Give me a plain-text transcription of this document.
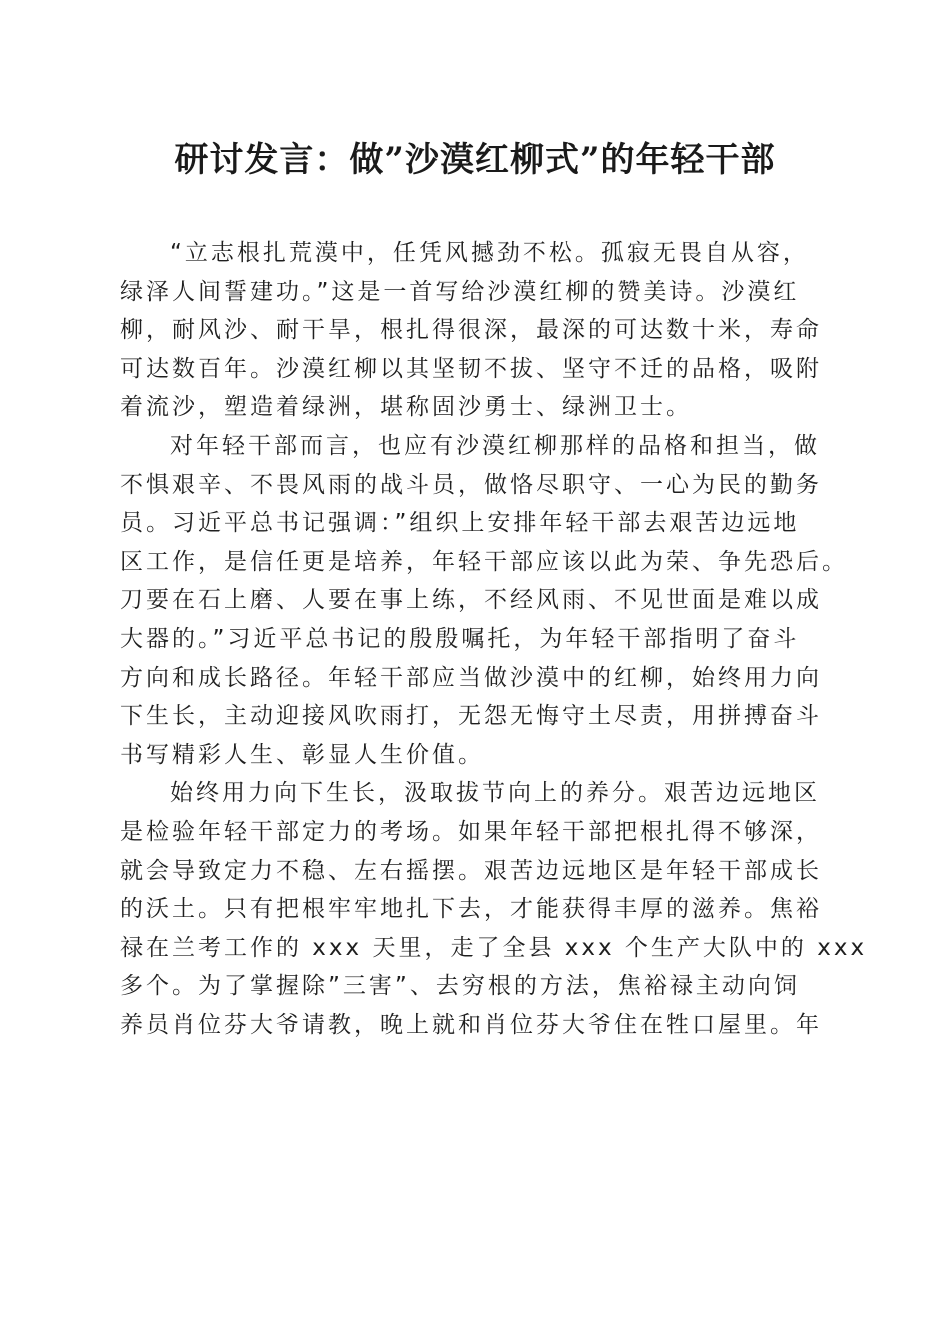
研讨发言：做”沙漠红柳式”的年轻干部
“立志根扎荒漠中，任凭风撼劲不松。孤寂无畏自从容，
绿泽人间誓建功。”这是一首写给沙漠红柳的赞美诗。沙漠红
柳，耐风沙、耐干旱，根扎得很深，最深的可达数十米，寿命
可达数百年。沙漠红柳以其坚韧不拔、坚守不迁的品格，吸附
着流沙，塑造着绿洲，堪称固沙勇士、绿洲卫士。
对年轻干部而言，也应有沙漠红柳那样的品格和担当，做
不惧艰辛、不畏风雨的战斗员，做恪尽职守、一心为民的勤务
员。习近平总书记强调：”组织上安排年轻干部去艰苦边远地
区工作，是信任更是培养，年轻干部应该以此为荣、争先恐后。
刀要在石上磨、人要在事上练，不经风雨、不见世面是难以成
大器的。”习近平总书记的殷殷嘱托，为年轻干部指明了奋斗
方向和成长路径。年轻干部应当做沙漠中的红柳，始终用力向
下生长，主动迎接风吹雨打，无怨无悔守土尽责，用拼搏奋斗
书写精彩人生、彰显人生价值。
始终用力向下生长，汲取拔节向上的养分。艰苦边远地区
是检验年轻干部定力的考场。如果年轻干部把根扎得不够深，
就会导致定力不稳、左右摇摆。艰苦边远地区是年轻干部成长
的沃土。只有把根牢牢地扎下去，才能获得丰厚的滋养。焦裕
禄在兰考工作的 xxx 天里，走了全县 xxx 个生产大队中的 xxx
多个。为了掌握除”三害”、去穷根的方法，焦裕禄主动向饲
养员肖位芬大爷请教，晚上就和肖位芬大爷住在牲口屋里。年
